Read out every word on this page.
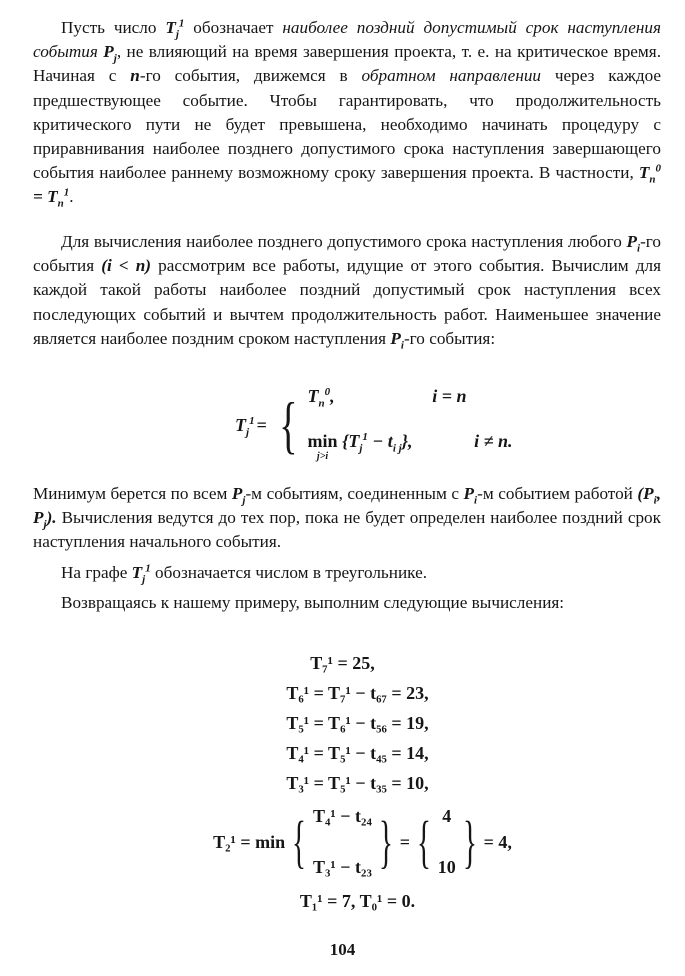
Пусть число $T_j^1$ обозначает наиболее поздний допустимый срок наступления события $P_j$, не влияющий на время завершения проекта, т. е. на критическое время. Начиная с n-го события, движемся в обратном направлении через каждое предшествующее событие. Чтобы гарантировать, что продолжительность критического пути не будет превышена, необходимо начинать процедуру с приравнивания наиболее позднего допустимого срока наступления завершающего события наиболее раннему возможному сроку завершения проекта. В частности, $T_n^0 = T_n^1$.

Для вычисления наиболее позднего допустимого срока наступления любого $P_i-го$ события (i < n) рассмотрим все работы, идущие от этого события. Вычислим для каждой такой работы наиболее поздний допустимый срок наступления всех последующих событий и вычтем продолжительность работ. Наименьшее значение является наиболее поздним сроком наступления $P_i-го$ события:

$T_j^1$ = { $T_n^0$,	i = n
min
j>i
$\{T_j^1 - t_{i j}\}$,	i ≠ n.

Минимум берется по всем $P_j-м$ событиям, соединенным с $P_i-м$ событием работой ($P_i$, $P_j$). Вычисления ведутся до тех пор, пока не будет определен наиболее поздний срок наступления начального события.

На графе $T_j^1$ обозначается числом в треугольнике.

Возвращаясь к нашему примеру, выполним следующие вычисления:

T₇¹ = 25,
T₆¹ = T₇¹ − t₆₇ = 23,
T₅¹ = T₆¹ − t₅₆ = 19,
T₄¹ = T₅¹ − t₄₅ = 14,
T₃¹ = T₅¹ − t₃₅ = 10,
T₂¹ = min { T₄¹ − t₂₄
T₃¹ − t₂₃ } = { 4
10 } = 4,
T₁¹ = 7, T₀¹ = 0.
104
